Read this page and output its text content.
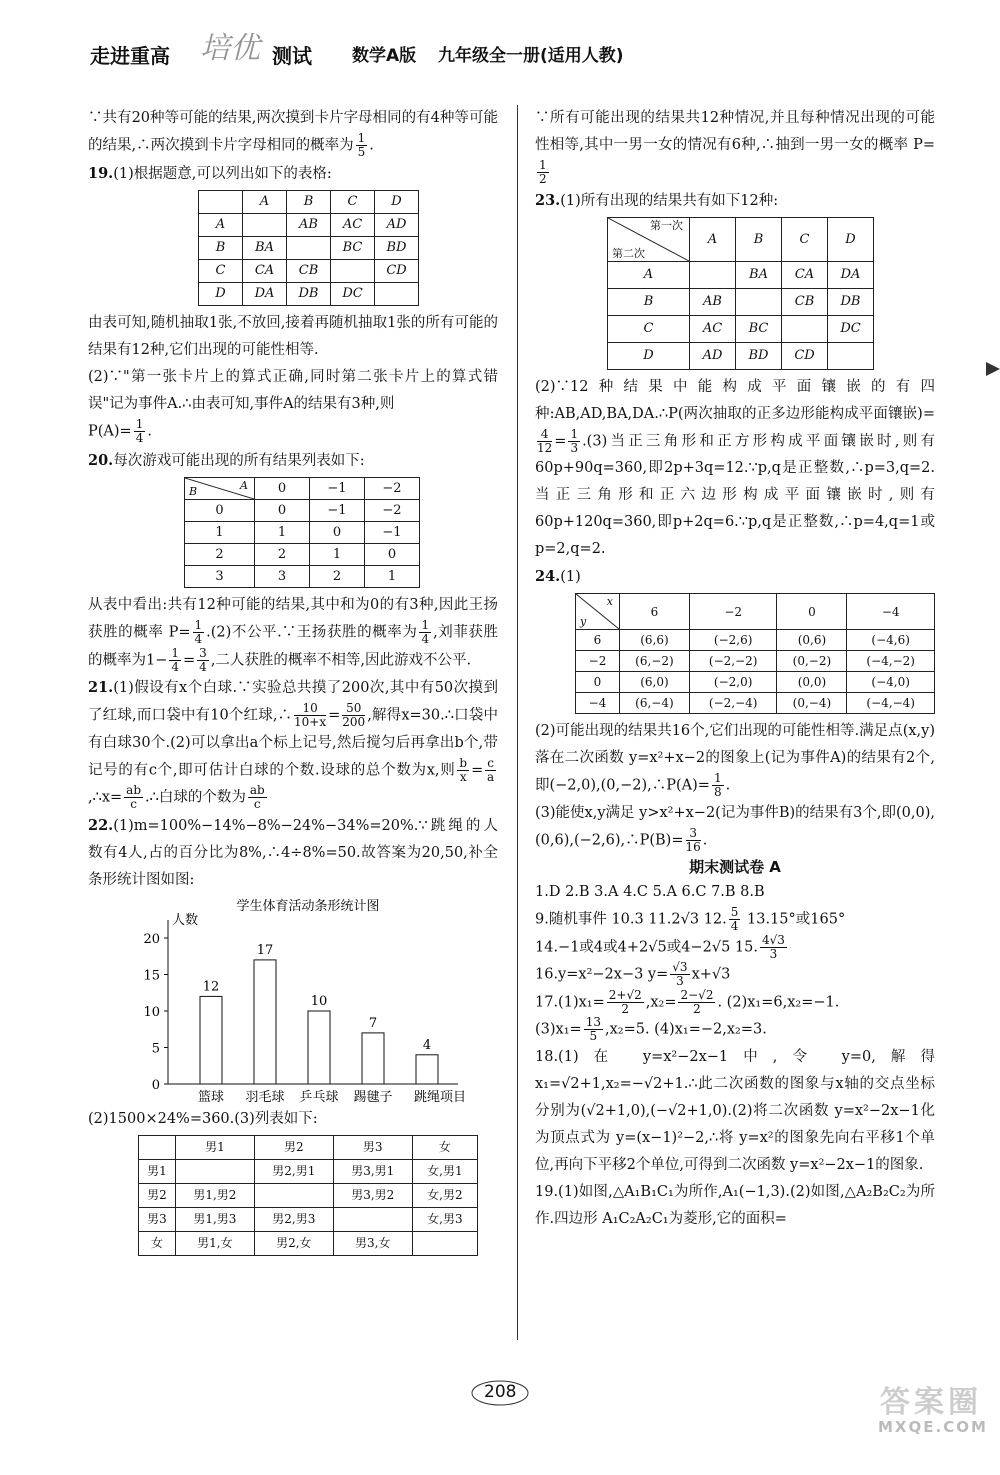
走进重高 培优 测试 数学A版 九年级全一册(适用人教)
∵共有20种等可能的结果,两次摸到卡片字母相同的有4种等可能的结果,∴两次摸到卡片字母相同的概率为 $\frac{1}{5}$ .
19.(1)根据题意,可以列出如下的表格:
	A	B	C	D
A		AB	AC	AD
B	BA		BC	BD
C	CA	CB		CD
D	DA	DB	DC	
由表可知,随机抽取1张,不放回,接着再随机抽取1张的所有可能的结果有12种,它们出现的可能性相等.
(2)∵"第一张卡片上的算式正确,同时第二张卡片上的算式错误"记为事件A.∴由表可知,事件A的结果有3种,则
$P(A)= \frac{1}{4}$ .
20.每次游戏可能出现的所有结果列表如下:
A
B	0	−1	−2
0	0	−1	−2
1	1	0	−1
2	2	1	0
3	3	2	1
从表中看出:共有12种可能的结果,其中和为0的有3种,因此王扬获胜的概率 $P= \frac{1}{4} .(2)$不公平.∵王扬获胜的概率为 $\frac{1}{4}$ ,刘菲获胜的概率为$1- \frac{1}{4} = \frac{3}{4}$ ,二人获胜的概率不相等,因此游戏不公平.
21.(1)假设有x个白球.∵实验总共摸了200次,其中有50次摸到了红球,而口袋中有10个红球,∴ $\frac{10}{10+x} = \frac{50}{200}$ ,解得x=30.∴口袋中有白球30个.(2)可以拿出a个标上记号,然后搅匀后再拿出b个,带记号的有c个,即可估计白球的个数.设球的总个数为x,则 $\frac{b}{x} = \frac{c}{a}$
,∴x= $\frac{ab}{c}$ .∴白球的个数为 $\frac{ab}{c}$
22.(1)m=100%−14%−8%−24%−34%=20%.∵跳绳的人数有4人,占的百分比为8%,∴4÷8%=50.故答案为20,50,补全条形统计图如图:
学生体育活动条形统计图
人数
项目
0
5
10
15
20
12
篮球
17
羽毛球
10
乒乓球
7
踢毽子
4
跳绳
(2)1500×24%=360.(3)列表如下:
	男1	男2	男3	女
男1		男2,男1	男3,男1	女,男1
男2	男1,男2		男3,男2	女,男2
男3	男1,男3	男2,男3		女,男3
女	男1,女	男2,女	男3,女	
∵所有可能出现的结果共12种情况,并且每种情况出现的可能性相等,其中一男一女的情况有6种,∴抽到一男一女的概率 P=
$\frac{1}{2}$
23.(1)所有出现的结果共有如下12种:
第一次
第二次	A	B	C	D
A		BA	CA	DA
B	AB		CB	DB
C	AC	BC		DC
D	AD	BD	CD	
(2)∵12种结果中能构成平面镶嵌的有四种:AB,AD,BA,DA.∴P(两次抽取的正多边形能构成平面镶嵌)=
$\frac{4}{12} = \frac{1}{3} .(3)$当正三角形和正方形构成平面镶嵌时,则有60p+90q=360,即2p+3q=12.∵p,q是正整数,∴p=3,q=2.当正三角形和正六边形构成平面镶嵌时,则有60p+120q=360,即p+2q=6.∵p,q是正整数,∴p=4,q=1或p=2,q=2.
24.(1)
x
y	6	−2	0	−4
6	(6,6)	(−2,6)	(0,6)	(−4,6)
−2	(6,−2)	(−2,−2)	(0,−2)	(−4,−2)
0	(6,0)	(−2,0)	(0,0)	(−4,0)
−4	(6,−4)	(−2,−4)	(0,−4)	(−4,−4)
(2)可能出现的结果共16个,它们出现的可能性相等.满足点(x,y)落在二次函数 y=x²+x−2的图象上(记为事件A)的结果有2个,即(−2,0),(0,−2),∴P(A)= $\frac{1}{8}$ .
(3)能使x,y满足 y>x²+x−2(记为事件B)的结果有3个,即(0,0),(0,6),(−2,6),∴P(B)= $\frac{3}{16}$ .
期末测试卷 A
1.D 2.B 3.A 4.C 5.A 6.C 7.B 8.B
9.随机事件 10.3 11.2√3 12. $\frac{5}{4} 13.15^\circ$或165°
14.−1或4或4+2√5或4−2√5 15. $\frac{4√3}{3}$
16.y=x²−2x−3 $y= \frac{√3}{3} x+√3$
$17.(1)x_1= \frac{2+√2}{2} ,x_2= \frac{2-√2}{2}$ . (2)x₁=6,x₂=−1.
$(3)x_1= \frac{13}{5} ,x_2=5$. (4)x₁=−2,x₂=3.
18.(1)在 y=x²−2x−1中,令 y=0,解得 x₁=√2+1,x₂=−√2+1.∴此二次函数的图象与x轴的交点坐标分别为(√2+1,0),(−√2+1,0).(2)将二次函数 y=x²−2x−1化为顶点式为 y=(x−1)²−2,∴将 y=x²的图象先向右平移1个单位,再向下平移2个单位,可得到二次函数 y=x²−2x−1的图象.
19.(1)如图,△A₁B₁C₁为所作,A₁(−1,3).(2)如图,△A₂B₂C₂为所作.四边形 A₁C₂A₂C₁为菱形,它的面积=
208	答案圈
MXQE.COM
